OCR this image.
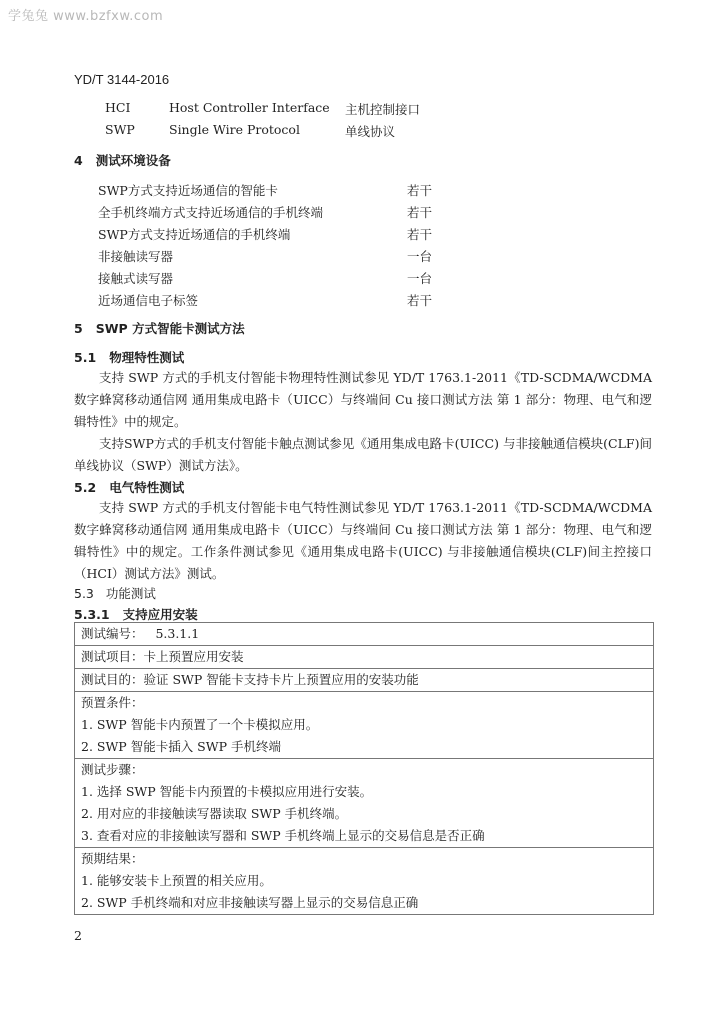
学兔兔 www.bzfxw.com
YD/T 3144-2016
HCI	Host Controller Interface 主机控制接口
SWP	Single Wire Protocol	单线协议
4 测试环境设备
SWP方式支持近场通信的智能卡	若干
全手机终端方式支持近场通信的手机终端	若干
SWP方式支持近场通信的手机终端	若干
非接触读写器	一台
接触式读写器	一台
近场通信电子标签	若干
5 SWP 方式智能卡测试方法
5.1 物理特性测试

支持 SWP 方式的手机支付智能卡物理特性测试参见 YD/T 1763.1-2011《TD-SCDMA/WCDMA 数字蜂窝移动通信网 通用集成电路卡（UICC）与终端间 Cu 接口测试方法 第 1 部分：物理、电气和逻辑特性》中的规定。

支持SWP方式的手机支付智能卡触点测试参见《通用集成电路卡(UICC) 与非接触通信模块(CLF)间单线协议（SWP）测试方法》。

5.2 电气特性测试

支持 SWP 方式的手机支付智能卡电气特性测试参见 YD/T 1763.1-2011《TD-SCDMA/WCDMA 数字蜂窝移动通信网 通用集成电路卡（UICC）与终端间 Cu 接口测试方法 第 1 部分：物理、电气和逻辑特性》中的规定。工作条件测试参见《通用集成电路卡(UICC) 与非接触通信模块(CLF)间主控接口（HCI）测试方法》测试。

5.3 功能测试
5.3.1 支持应用安装
测试编号： 5.3.1.1

测试项目：卡上预置应用安装

测试目的：验证 SWP 智能卡支持卡片上预置应用的安装功能

预置条件：
1. SWP 智能卡内预置了一个卡模拟应用。
2. SWP 智能卡插入 SWP 手机终端

测试步骤：
1. 选择 SWP 智能卡内预置的卡模拟应用进行安装。
2. 用对应的非接触读写器读取 SWP 手机终端。
3. 查看对应的非接触读写器和 SWP 手机终端上显示的交易信息是否正确

预期结果：
1. 能够安装卡上预置的相关应用。
2. SWP 手机终端和对应非接触读写器上显示的交易信息正确
2
